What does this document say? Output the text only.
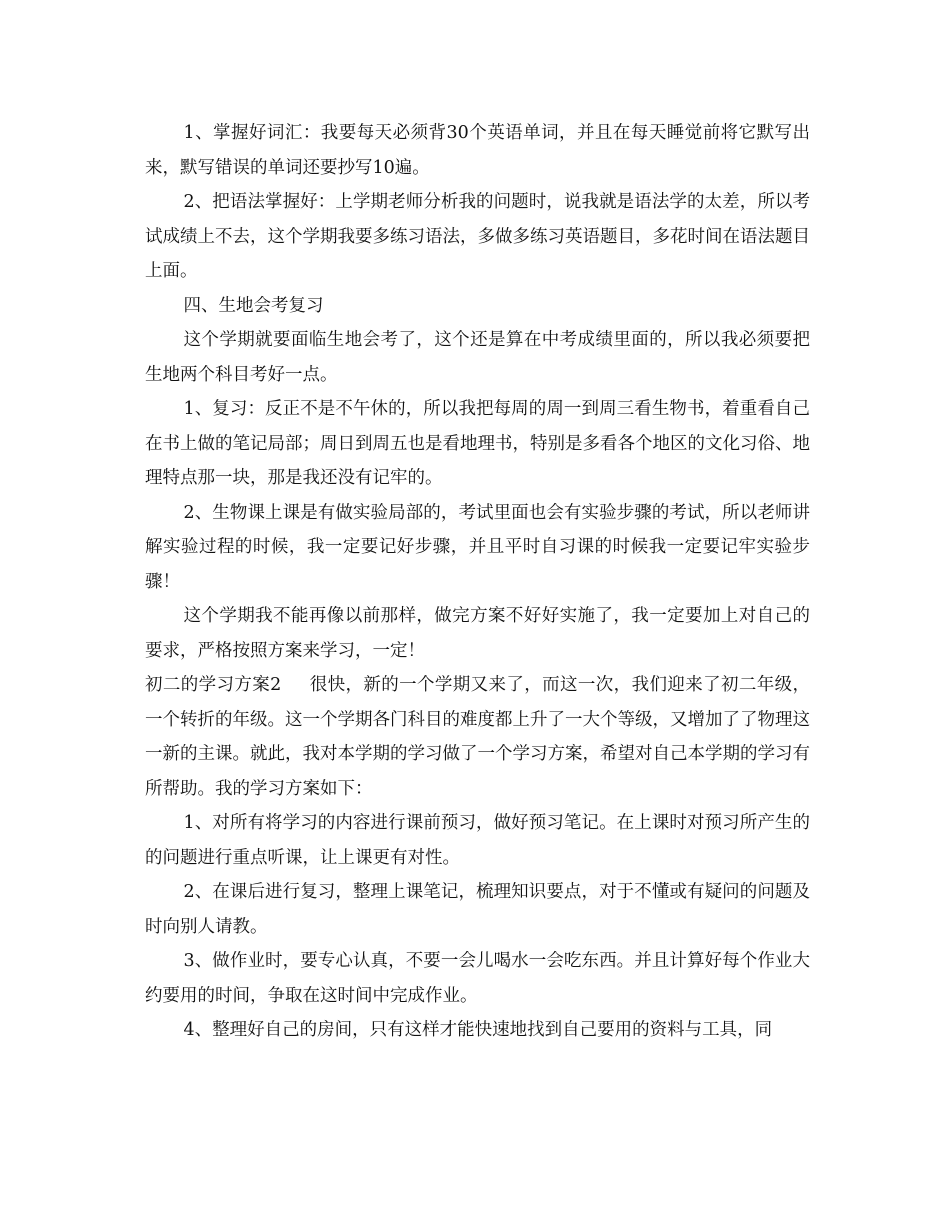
1、掌握好词汇：我要每天必须背30个英语单词，并且在每天睡觉前将它默写出来，默写错误的单词还要抄写10遍。

2、把语法掌握好：上学期老师分析我的问题时，说我就是语法学的太差，所以考试成绩上不去，这个学期我要多练习语法，多做多练习英语题目，多花时间在语法题目上面。

四、生地会考复习

这个学期就要面临生地会考了，这个还是算在中考成绩里面的，所以我必须要把生地两个科目考好一点。

1、复习：反正不是不午休的，所以我把每周的周一到周三看生物书，着重看自己在书上做的笔记局部；周日到周五也是看地理书，特别是多看各个地区的文化习俗、地理特点那一块，那是我还没有记牢的。

2、生物课上课是有做实验局部的，考试里面也会有实验步骤的考试，所以老师讲解实验过程的时候，我一定要记好步骤，并且平时自习课的时候我一定要记牢实验步骤！

这个学期我不能再像以前那样，做完方案不好好实施了，我一定要加上对自己的要求，严格按照方案来学习，一定！

初二的学习方案2 很快，新的一个学期又来了，而这一次，我们迎来了初二年级，一个转折的年级。这一个学期各门科目的难度都上升了一大个等级，又增加了了物理这一新的主课。就此，我对本学期的学习做了一个学习方案，希望对自己本学期的学习有所帮助。我的学习方案如下：

1、对所有将学习的内容进行课前预习，做好预习笔记。在上课时对预习所产生的的问题进行重点听课，让上课更有对性。

2、在课后进行复习，整理上课笔记，梳理知识要点，对于不懂或有疑问的问题及时向别人请教。

3、做作业时，要专心认真，不要一会儿喝水一会吃东西。并且计算好每个作业大约要用的时间，争取在这时间中完成作业。

4、整理好自己的房间，只有这样才能快速地找到自己要用的资料与工具，同
